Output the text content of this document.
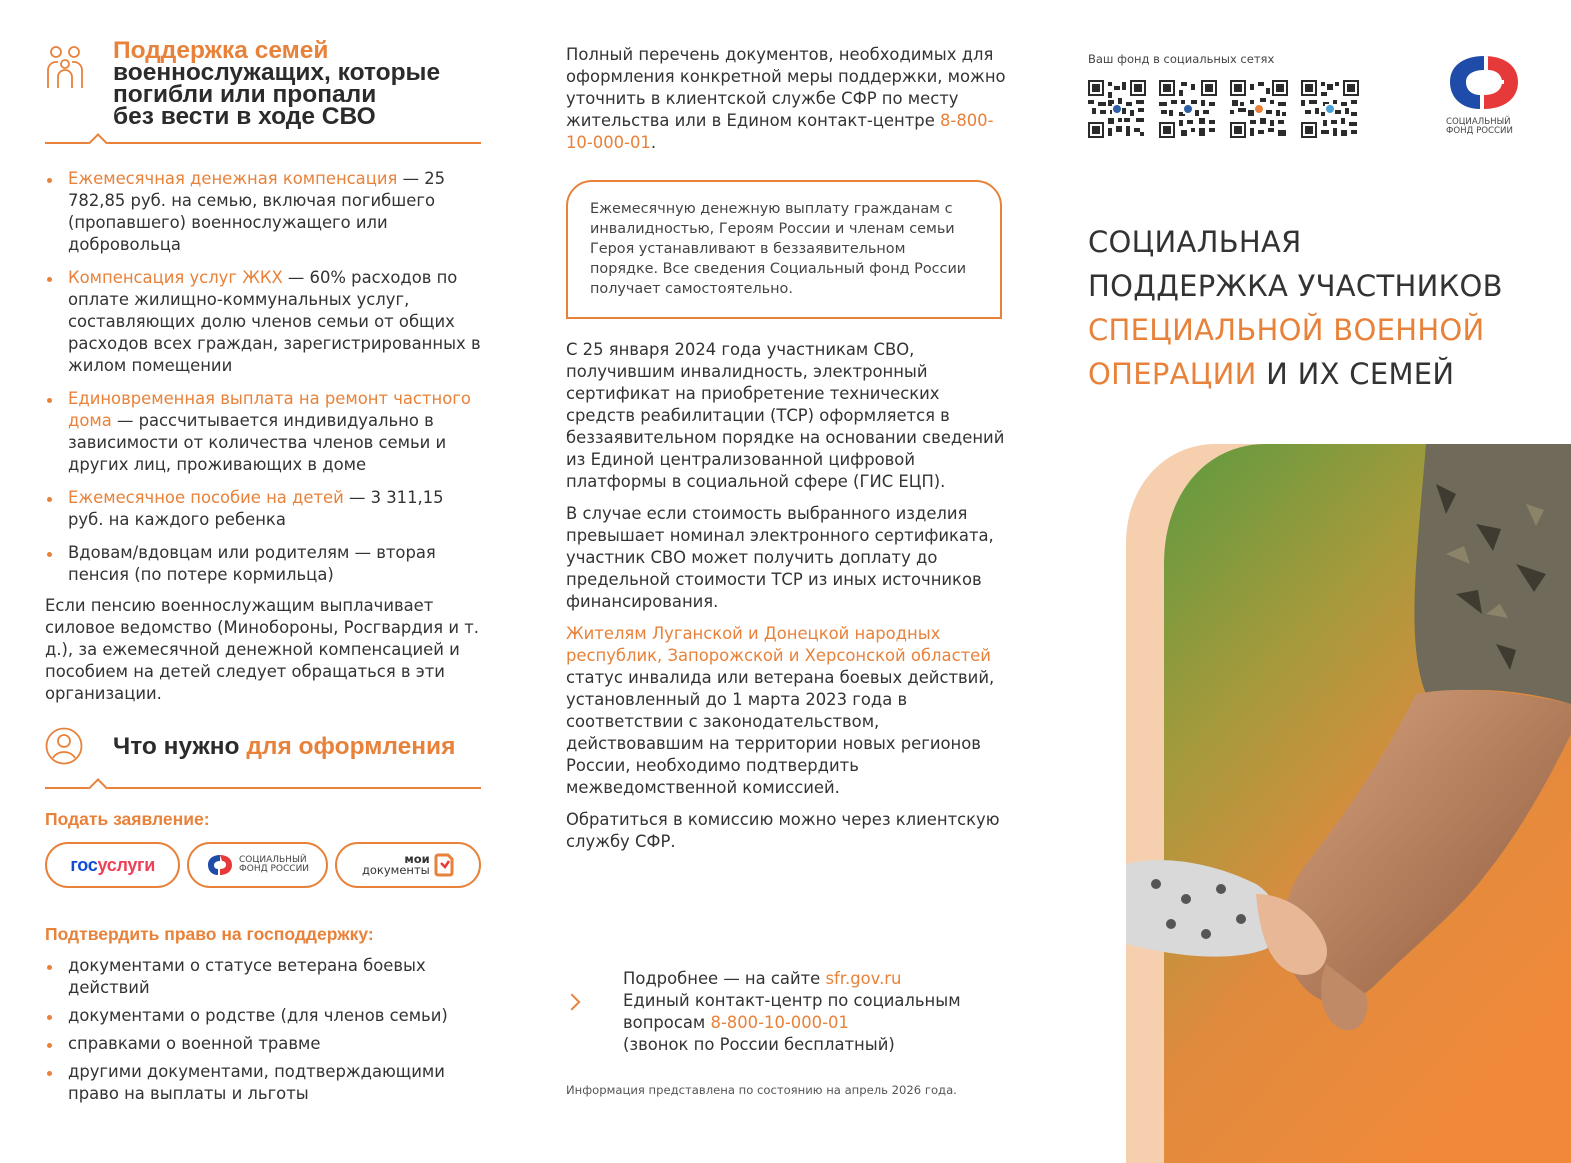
Поддержка семей
военнослужащих, которые
погибли или пропали
без вести в ходе СВО
Ежемесячная денежная компенсация — 25 782,85 руб. на семью, включая погибшего (пропавшего) военнослужащего или добровольца
Компенсация услуг ЖКХ — 60% расходов по оплате жилищно-коммунальных услуг, составляющих долю членов семьи от общих расходов всех граждан, зарегистрированных в жилом помещении
Единовременная выплата на ремонт частного дома — рассчитывается индивидуально в зависимости от количества членов семьи и других лиц, проживающих в доме
Ежемесячное пособие на детей — 3 311,15 руб. на каждого ребенка
Вдовам/вдовцам или родителям — вторая пенсия (по потере кормильца)

Если пенсию военнослужащим выплачивает силовое ведомство (Минобороны, Росгвардия и т. д.), за ежемесячной денежной компенсацией и пособием на детей следует обращаться в эти организации.

Что нужно для оформления
Подать заявление:
госуслуги	СОЦИАЛЬНЫЙ
ФОНД РОССИИ
мои
документы
Подтвердить право на господдержку:
документами о статусе ветерана боевых действий
документами о родстве (для членов семьи)
справками о военной травме
другими документами, подтверждающими право на выплаты и льготы

Полный перечень документов, необходимых для оформления конкретной меры поддержки, можно уточнить в клиентской службе СФР по месту жительства или в Едином контакт-центре 8-800-10-000-01.

Ежемесячную денежную выплату гражданам с инвалидностью, Героям России и членам семьи Героя устанавливают в беззаявительном порядке. Все сведения Социальный фонд России получает самостоятельно.

С 25 января 2024 года участникам СВО, получившим инвалидность, электронный сертификат на приобретение технических средств реабилитации (ТСР) оформляется в беззаявительном порядке на основании сведений из Единой централизованной цифровой платформы в социальной сфере (ГИС ЕЦП).

В случае если стоимость выбранного изделия превышает номинал электронного сертификата, участник СВО может получить доплату до предельной стоимости ТСР из иных источников финансирования.

Жителям Луганской и Донецкой народных республик, Запорожской и Херсонской областей статус инвалида или ветерана боевых действий, установленный до 1 марта 2023 года в соответствии с законодательством, действовавшим на территории новых регионов России, необходимо подтвердить межведомственной комиссией.

Обратиться в комиссию можно через клиентскую службу СФР.

Подробнее — на сайте sfr.gov.ru
Единый контакт-центр по социальным вопросам 8-800-10-000-01
(звонок по России бесплатный)
Информация представлена по состоянию на апрель 2026 года.
Ваш фонд в социальных сетях
СОЦИАЛЬНЫЙ
ФОНД РОССИИ
СОЦИАЛЬНАЯ
ПОДДЕРЖКА УЧАСТНИКОВ
СПЕЦИАЛЬНОЙ ВОЕННОЙ
ОПЕРАЦИИ И ИХ СЕМЕЙ
